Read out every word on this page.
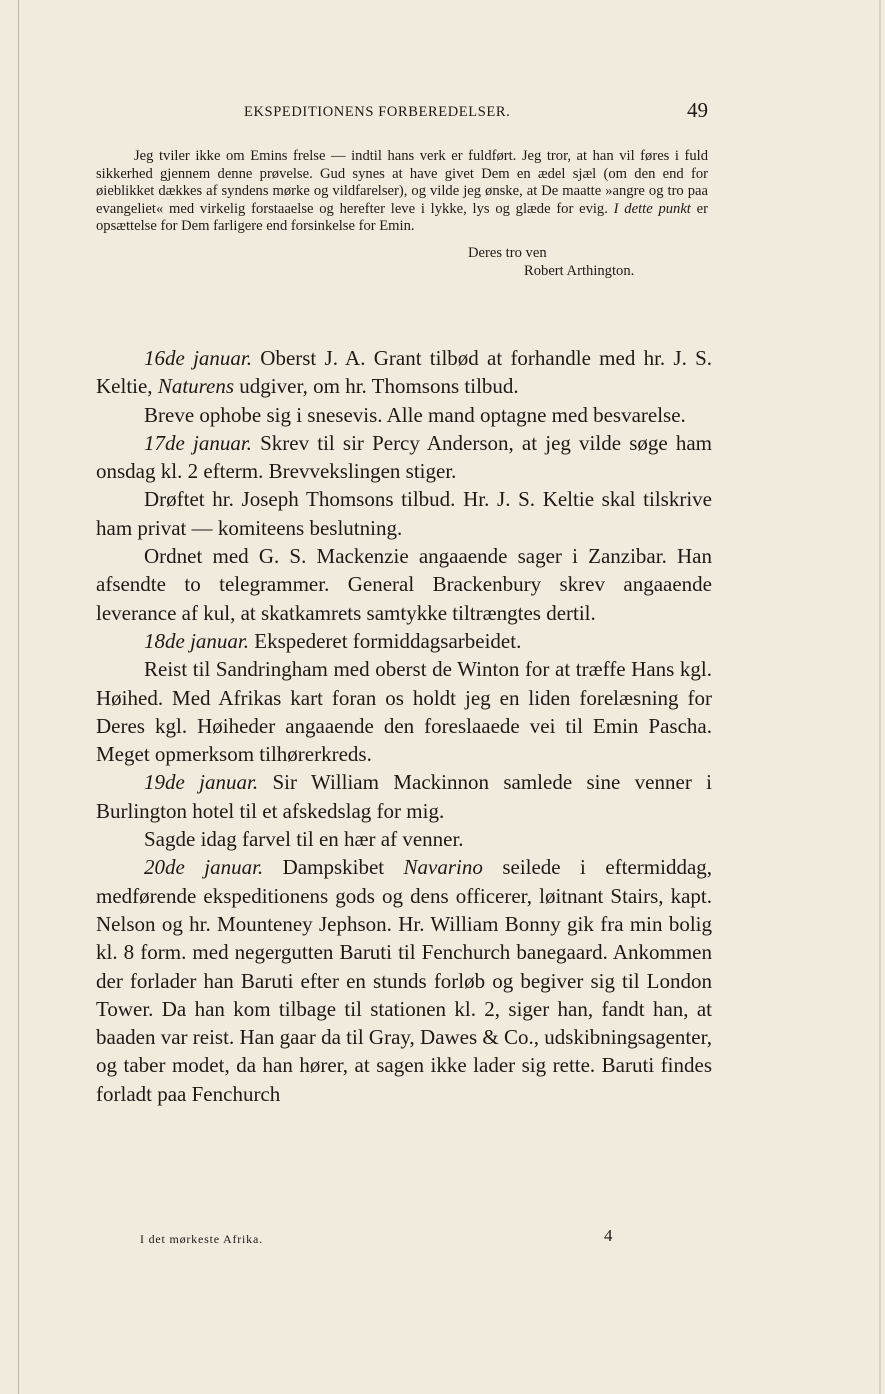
EKSPEDITIONENS FORBEREDELSER.	49

Jeg tviler ikke om Emins frelse — indtil hans verk er fuldført. Jeg tror, at han vil føres i fuld sikkerhed gjennem denne prøvelse. Gud synes at have givet Dem en ædel sjæl (om den end for øieblikket dækkes af syndens mørke og vildfarelser), og vilde jeg ønske, at De maatte »angre og tro paa evangeliet« med virkelig forstaaelse og herefter leve i lykke, lys og glæde for evig. I dette punkt er opsættelse for Dem farligere end forsinkelse for Emin.

Deres tro ven
Robert Arthington.

16de januar. Oberst J. A. Grant tilbød at forhandle med hr. J. S. Keltie, Naturens udgiver, om hr. Thomsons tilbud.

Breve ophobe sig i snesevis. Alle mand optagne med besvarelse.

17de januar. Skrev til sir Percy Anderson, at jeg vilde søge ham onsdag kl. 2 efterm. Brevvekslingen stiger.

Drøftet hr. Joseph Thomsons tilbud. Hr. J. S. Keltie skal tilskrive ham privat — komiteens beslutning.

Ordnet med G. S. Mackenzie angaaende sager i Zanzibar. Han afsendte to telegrammer. General Brackenbury skrev angaaende leverance af kul, at skatkamrets samtykke tiltrængtes dertil.

18de januar. Ekspederet formiddagsarbeidet.

Reist til Sandringham med oberst de Winton for at træffe Hans kgl. Høihed. Med Afrikas kart foran os holdt jeg en liden forelæsning for Deres kgl. Høiheder angaaende den foreslaaede vei til Emin Pascha. Meget opmerksom tilhørerkreds.

19de januar. Sir William Mackinnon samlede sine venner i Burlington hotel til et afskedslag for mig.

Sagde idag farvel til en hær af venner.

20de januar. Dampskibet Navarino seilede i eftermiddag, medførende ekspeditionens gods og dens officerer, løitnant Stairs, kapt. Nelson og hr. Mounteney Jephson. Hr. William Bonny gik fra min bolig kl. 8 form. med negergutten Baruti til Fenchurch banegaard. Ankommen der forlader han Baruti efter en stunds forløb og begiver sig til London Tower. Da han kom tilbage til stationen kl. 2, siger han, fandt han, at baaden var reist. Han gaar da til Gray, Dawes & Co., udskibningsagenter, og taber modet, da han hører, at sagen ikke lader sig rette. Baruti findes forladt paa Fenchurch

I det mørkeste Afrika.	4
